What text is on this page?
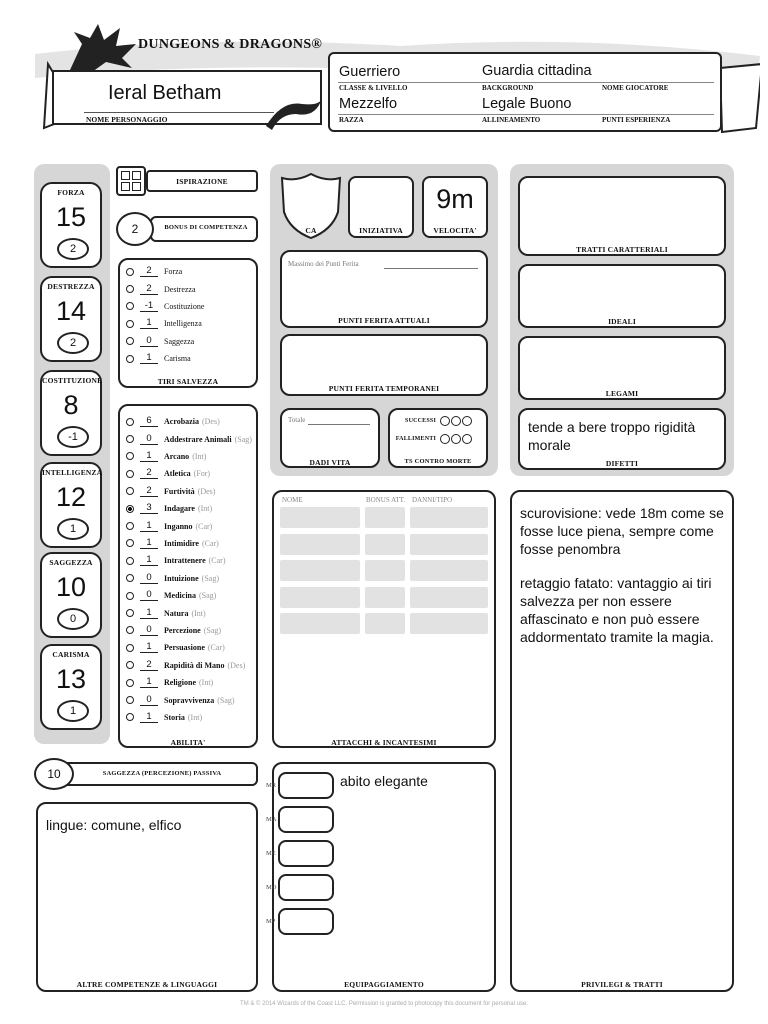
DUNGEONS & DRAGONS®
Ieral Betham
NOME PERSONAGGIO
Guerriero	Guardia cittadina
CLASSE & LIVELLO	BACKGROUND	NOME GIOCATORE
Mezzelfo	Legale Buono
RAZZA	ALLINEAMENTO	PUNTI ESPERIENZA
FORZA
15
2
DESTREZZA
14
2
COSTITUZIONE
8
-1
INTELLIGENZA
12
1
SAGGEZZA
10
0
CARISMA
13
1
ISPIRAZIONE
BONUS DI COMPETENZA
2
2	Forza
2	Destrezza
-1	Costituzione
1	Intelligenza
0	Saggezza
1	Carisma
TIRI SALVEZZA
6	Acrobazia (Des)
0	Addestrare Animali (Sag)
1	Arcano (Int)
2	Atletica (For)
2	Furtività (Des)
3	Indagare (Int)
1	Inganno (Car)
1	Intimidire (Car)
1	Intrattenere (Car)
0	Intuizione (Sag)
0	Medicina (Sag)
1	Natura (Int)
0	Percezione (Sag)
1	Persuasione (Car)
2	Rapidità di Mano (Des)
1	Religione (Int)
0	Sopravvivenza (Sag)
1	Storia (Int)
ABILITA'
SAGGEZZA (PERCEZIONE) PASSIVA
10
lingue: comune, elfico
ALTRE COMPETENZE & LINGUAGGI
CA	INIZIATIVA
9m
VELOCITA'
Massimo dei Punti Ferita
PUNTI FERITA ATTUALI
PUNTI FERITA TEMPORANEI
Totale
DADI VITA
SUCCESSI
FALLIMENTI
TS CONTRO MORTE
NOME	BONUS ATT. DANNI/TIPO
ATTACCHI & INCANTESIMI
abito elegante
MR
MA
ME
MO
MP
EQUIPAGGIAMENTO
TRATTI CARATTERIALI
IDEALI
LEGAMI
tende a bere troppo rigidità morale
DIFETTI
scurovisione: vede 18m come se fosse luce piena, sempre come fosse penombra
retaggio fatato: vantaggio ai tiri salvezza per non essere affascinato e non può essere addormentato tramite la magia.
PRIVILEGI & TRATTI
TM & © 2014 Wizards of the Coast LLC. Permission is granted to photocopy this document for personal use.
